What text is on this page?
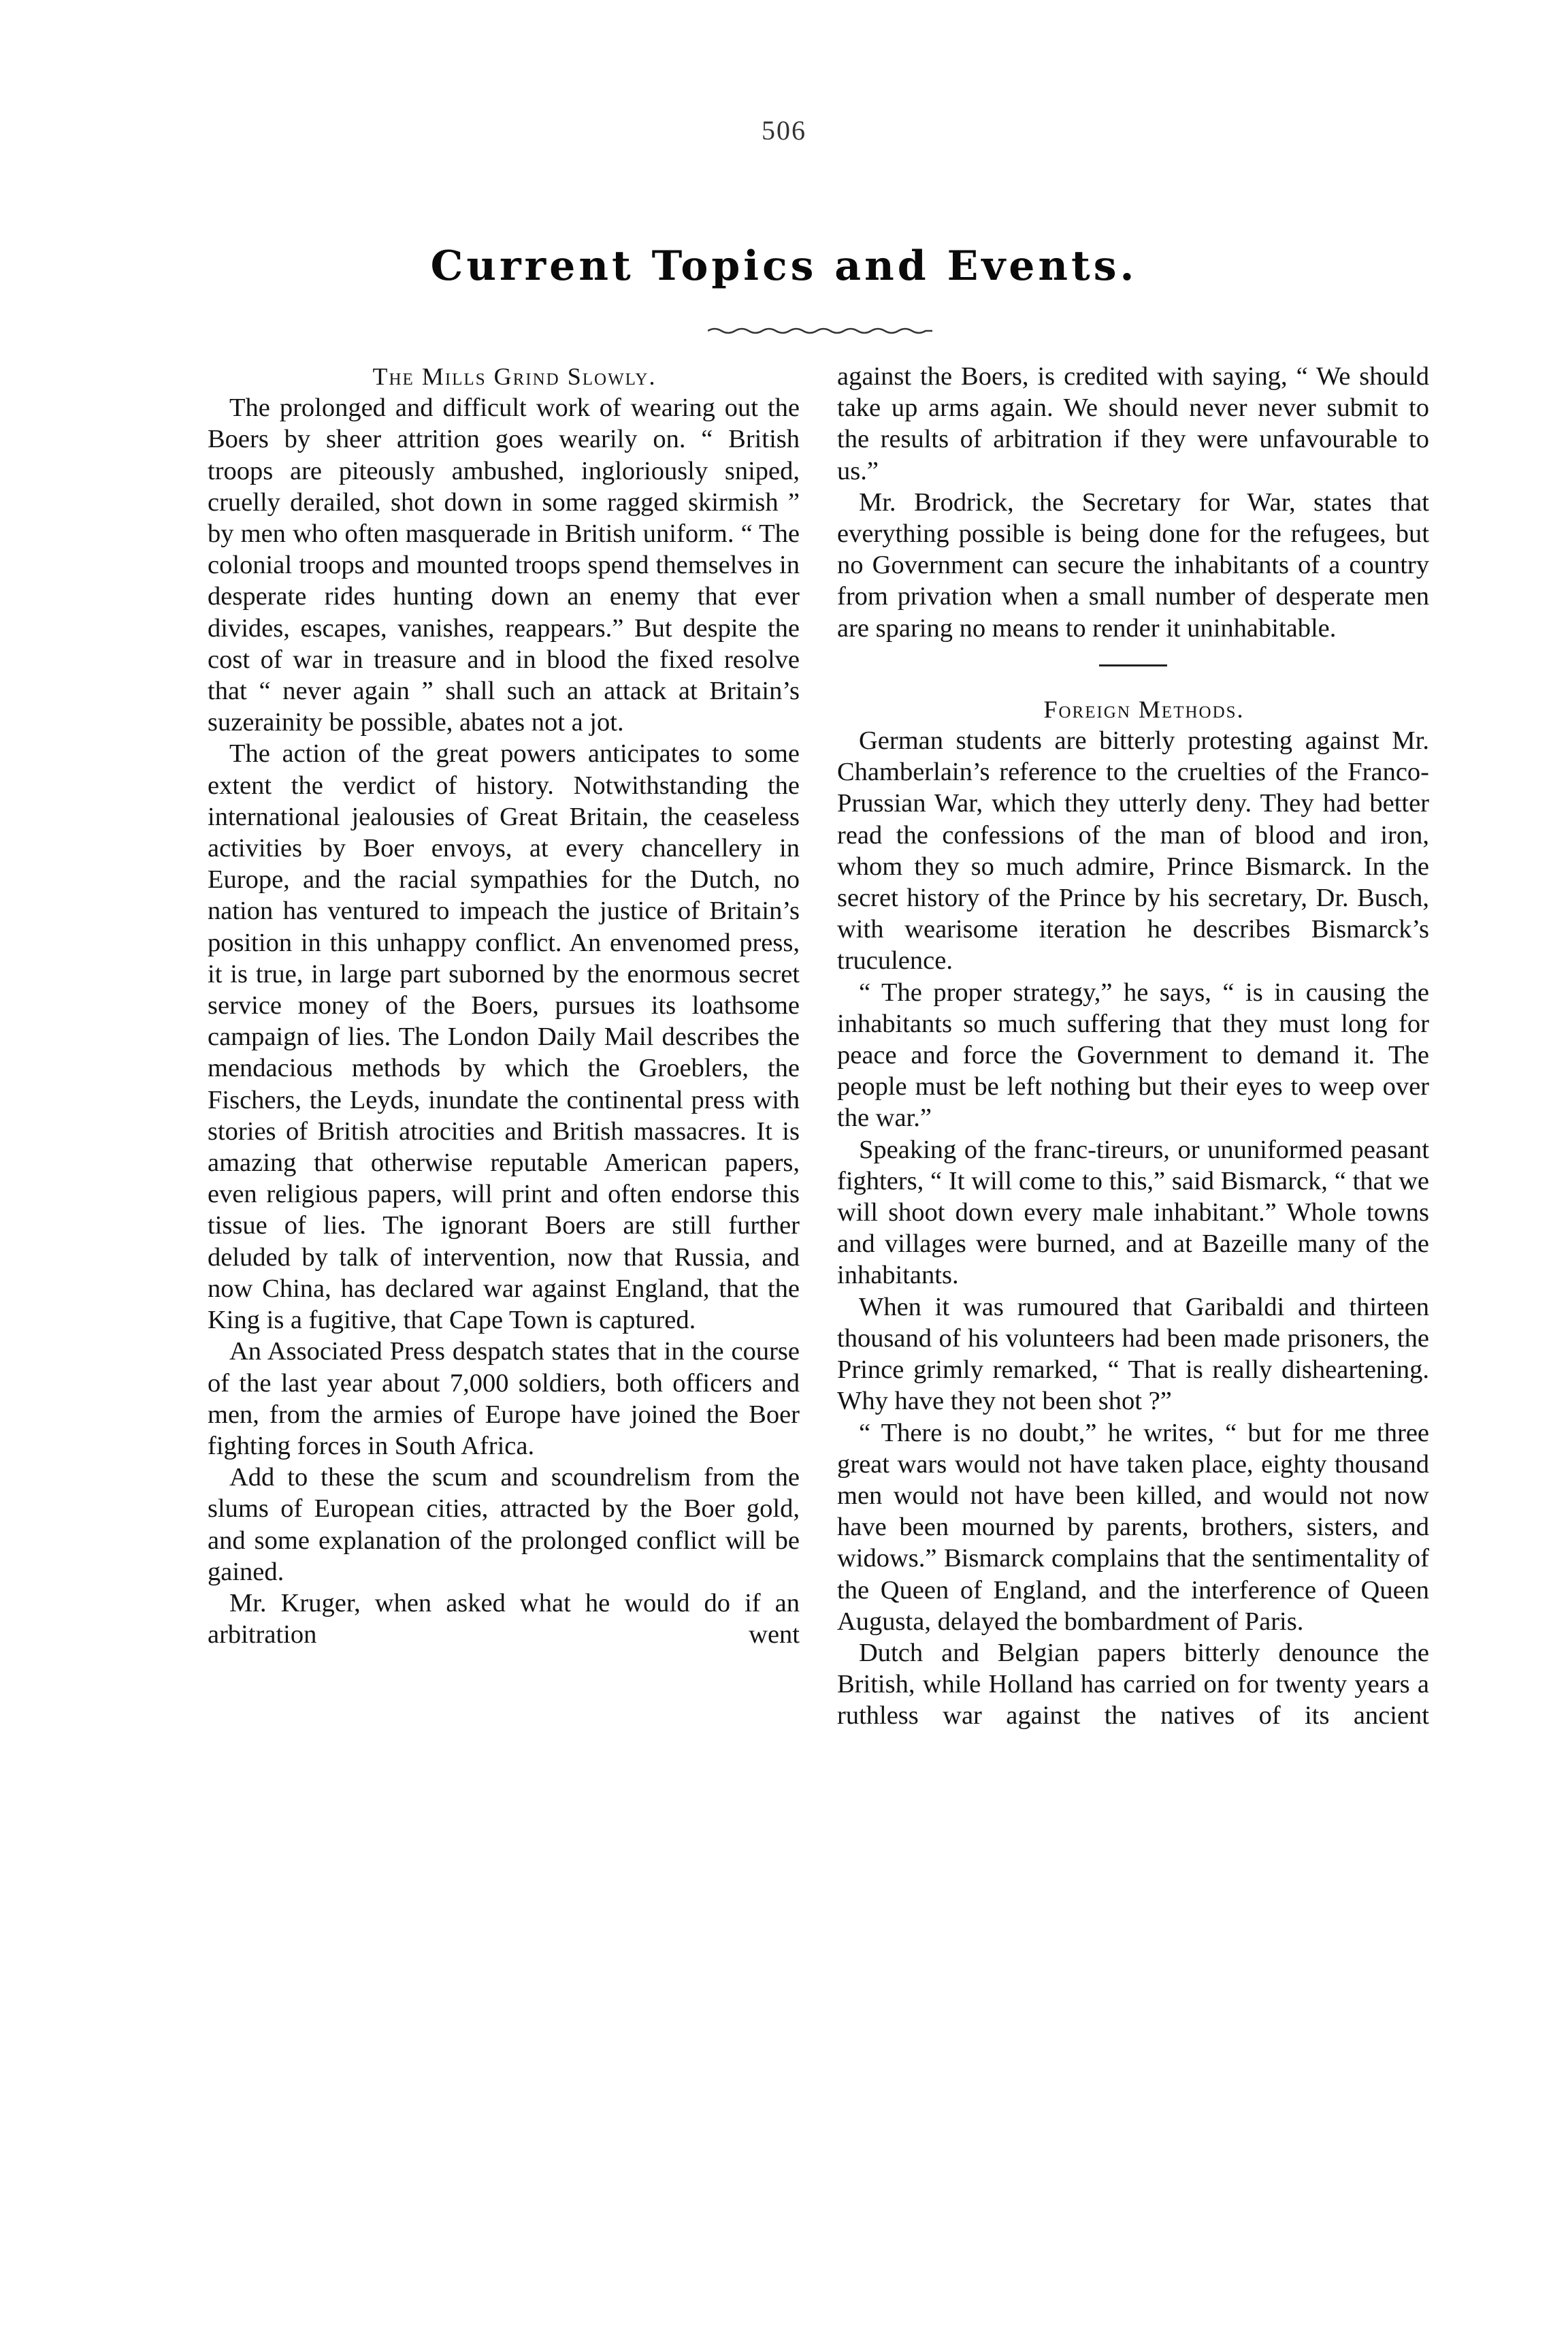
506
Current Topics and Events.

The Mills Grind Slowly.

The prolonged and difficult work of wearing out the Boers by sheer attrition goes wearily on. “ British troops are piteously ambushed, ingloriously sniped, cruelly derailed, shot down in some ragged skirmish ” by men who often masquerade in British uniform. “ The colonial troops and mounted troops spend themselves in desperate rides hunting down an enemy that ever divides, escapes, vanishes, reappears.” But despite the cost of war in treasure and in blood the fixed resolve that “ never again ” shall such an attack at Britain’s suzerainity be possible, abates not a jot.

The action of the great powers anticipates to some extent the verdict of history. Notwithstanding the international jealousies of Great Britain, the ceaseless activities by Boer envoys, at every chancellery in Europe, and the racial sympathies for the Dutch, no nation has ventured to impeach the justice of Britain’s position in this unhappy conflict. An envenomed press, it is true, in large part suborned by the enormous secret service money of the Boers, pursues its loathsome campaign of lies. The London Daily Mail describes the mendacious methods by which the Groeblers, the Fischers, the Leyds, inundate the continental press with stories of British atrocities and British massacres. It is amazing that otherwise reputable American papers, even religious papers, will print and often endorse this tissue of lies. The ignorant Boers are still further deluded by talk of intervention, now that Russia, and now China, has declared war against England, that the King is a fugitive, that Cape Town is captured.

An Associated Press despatch states that in the course of the last year about 7,000 soldiers, both officers and men, from the armies of Europe have joined the Boer fighting forces in South Africa.

Add to these the scum and scoundrelism from the slums of European cities, attracted by the Boer gold, and some explanation of the prolonged conflict will be gained.

Mr. Kruger, when asked what he would do if an arbitration went

against the Boers, is credited with saying, “ We should take up arms again. We should never never submit to the results of arbitration if they were unfavourable to us.”

Mr. Brodrick, the Secretary for War, states that everything possible is being done for the refugees, but no Government can secure the inhabitants of a country from privation when a small number of desperate men are sparing no means to render it uninhabitable.

Foreign Methods.

German students are bitterly protesting against Mr. Chamberlain’s reference to the cruelties of the Franco-Prussian War, which they utterly deny. They had better read the confessions of the man of blood and iron, whom they so much admire, Prince Bismarck. In the secret history of the Prince by his secretary, Dr. Busch, with wearisome iteration he describes Bismarck’s truculence.

“ The proper strategy,” he says, “ is in causing the inhabitants so much suffering that they must long for peace and force the Government to demand it. The people must be left nothing but their eyes to weep over the war.”

Speaking of the franc-tireurs, or ununiformed peasant fighters, “ It will come to this,” said Bismarck, “ that we will shoot down every male inhabitant.” Whole towns and villages were burned, and at Bazeille many of the inhabitants.

When it was rumoured that Garibaldi and thirteen thousand of his volunteers had been made prisoners, the Prince grimly remarked, “ That is really disheartening. Why have they not been shot ?”

“ There is no doubt,” he writes, “ but for me three great wars would not have taken place, eighty thousand men would not have been killed, and would not now have been mourned by parents, brothers, sisters, and widows.” Bismarck complains that the sentimentality of the Queen of England, and the interference of Queen Augusta, delayed the bombardment of Paris.

Dutch and Belgian papers bitterly denounce the British, while Holland has carried on for twenty years a ruthless war against the natives of its ancient
